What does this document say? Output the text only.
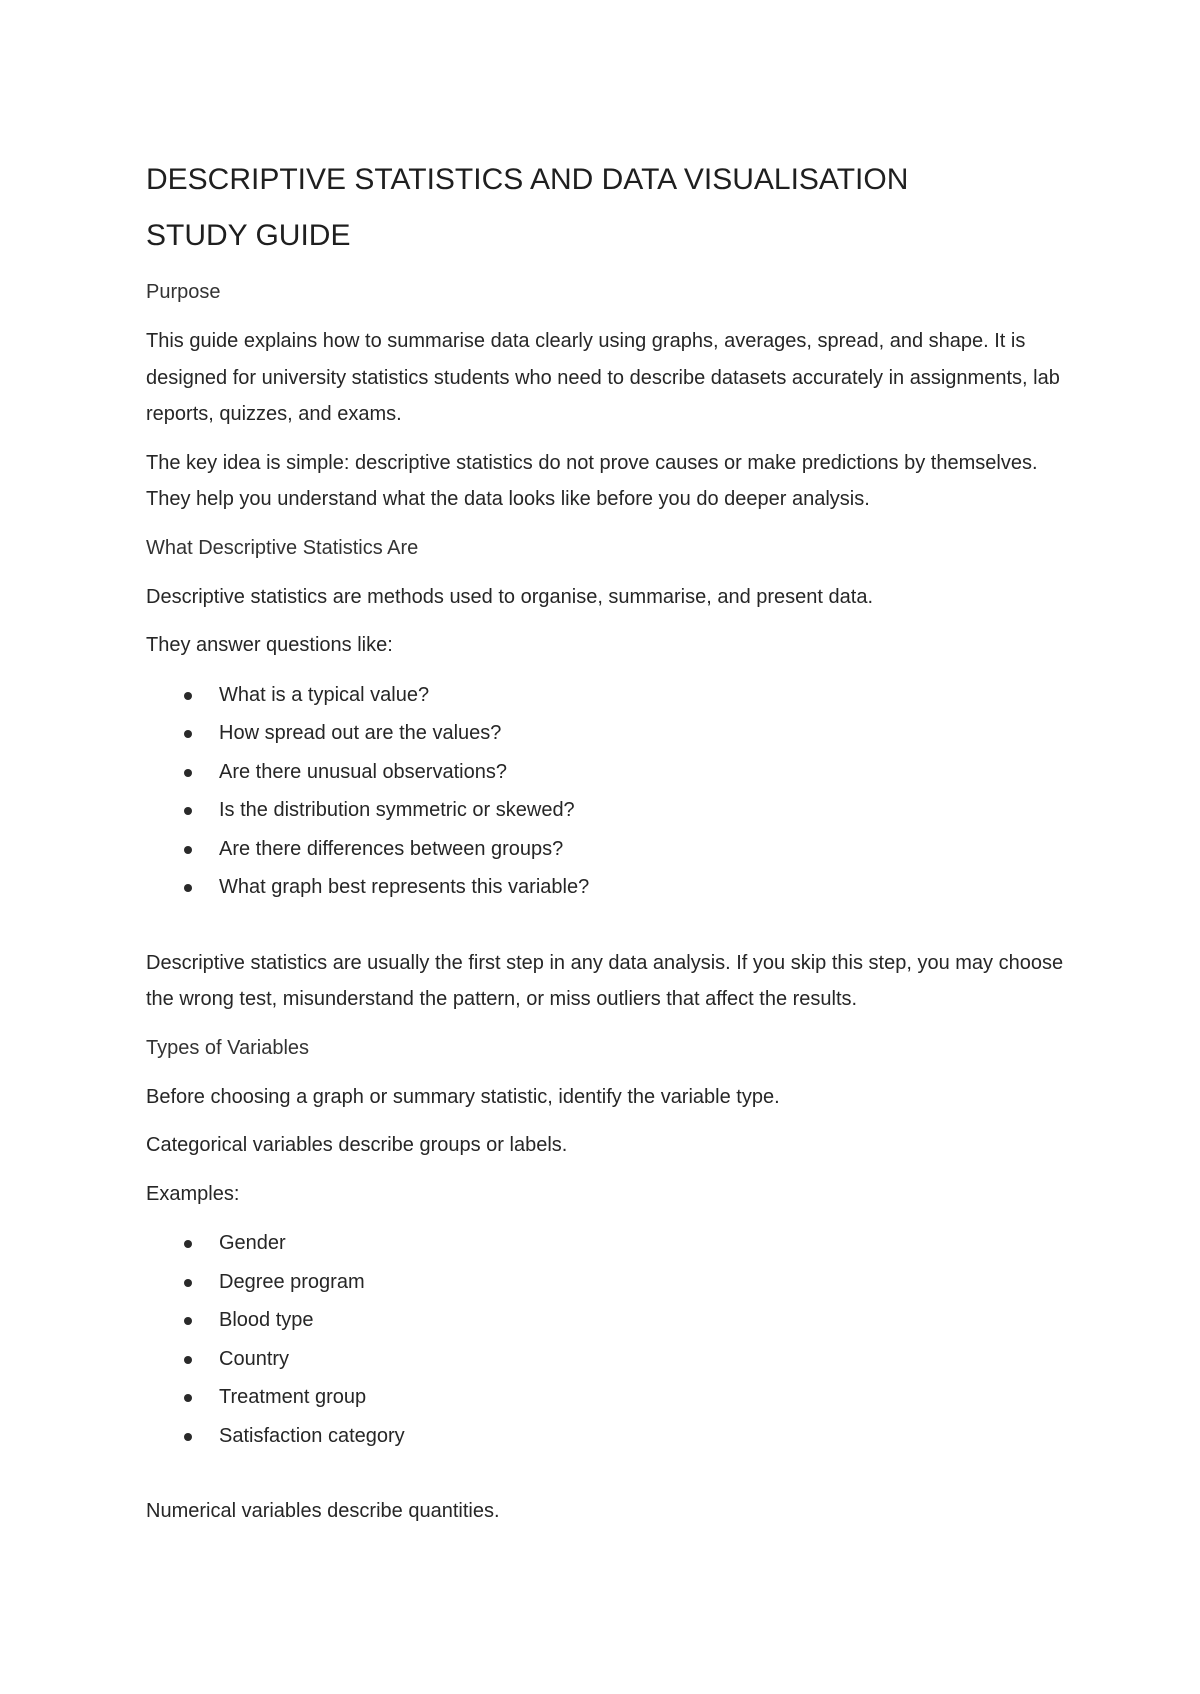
DESCRIPTIVE STATISTICS AND DATA VISUALISATION
STUDY GUIDE
Purpose

This guide explains how to summarise data clearly using graphs, averages, spread, and shape. It is designed for university statistics students who need to describe datasets accurately in assignments, lab reports, quizzes, and exams.

The key idea is simple: descriptive statistics do not prove causes or make predictions by themselves. They help you understand what the data looks like before you do deeper analysis.

What Descriptive Statistics Are

Descriptive statistics are methods used to organise, summarise, and present data.

They answer questions like:

What is a typical value?
How spread out are the values?
Are there unusual observations?
Is the distribution symmetric or skewed?
Are there differences between groups?
What graph best represents this variable?

Descriptive statistics are usually the first step in any data analysis. If you skip this step, you may choose the wrong test, misunderstand the pattern, or miss outliers that affect the results.

Types of Variables

Before choosing a graph or summary statistic, identify the variable type.

Categorical variables describe groups or labels.

Examples:

Gender
Degree program
Blood type
Country
Treatment group
Satisfaction category

Numerical variables describe quantities.
